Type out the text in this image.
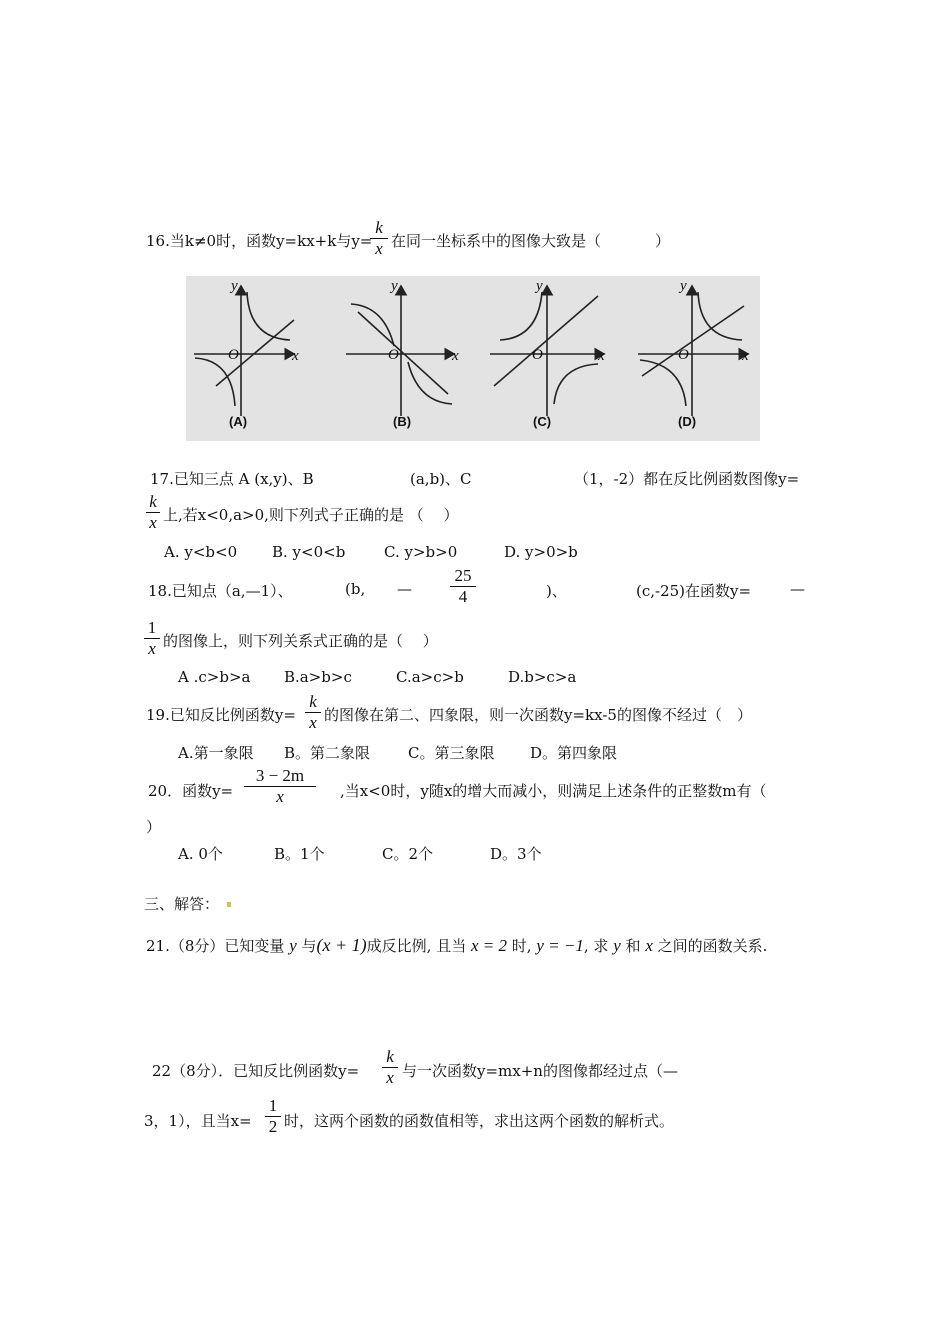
16.当k≠0时，函数y=kx+k与y=
$\frac{k}{x}$ 在同一坐标系中的图像大致是（	）
y
x
O
(A)
y
x
O
(B)
y
x
O
(C)
y
x
O
(D)
17.已知三点 A (x,y)、B	(a,b)、C	（1，-2）都在反比例函数图像y=
$\frac{k}{x}$ 上,若x<0,a>0,则下列式子正确的是 （　 ）
A. y<b<0 B. y<0<b	C. y>b>0	D. y>0>b
18.已知点（a,—1）、	(b, — $\frac{25}{4}$	)、	(c,-25)在函数y=	—
$\frac{1}{x}$ 的图像上，则下列关系式正确的是（　 ）
A .c>b>a B.a>b>c	C.a>c>b	D.b>c>a
19.已知反比例函数$y= \frac{k}{x}$ 的图像在第二、四象限，则一次函数y=kx-5的图像不经过（　）
A.第一象限 B。第二象限	C。第三象限 D。第四象限
20．函数$y= \frac{3 - 2m}{x}$ ,当x<0时，y随x的增大而减小，则满足上述条件的正整数m有（
）
A. 0个	B。1个	C。2个	D。3个
三、解答：
21.（8分）已知变量 y 与(x + 1)成反比例, 且当 x = 2 时, y = −1, 求 y 和 x 之间的函数关系.
22（8分）．已知反比例函数$y= \frac{k}{x}$ 与一次函数y=mx+n的图像都经过点（—
3，1），且当$x= \frac{1}{2}$ 时，这两个函数的函数值相等，求出这两个函数的解析式。
